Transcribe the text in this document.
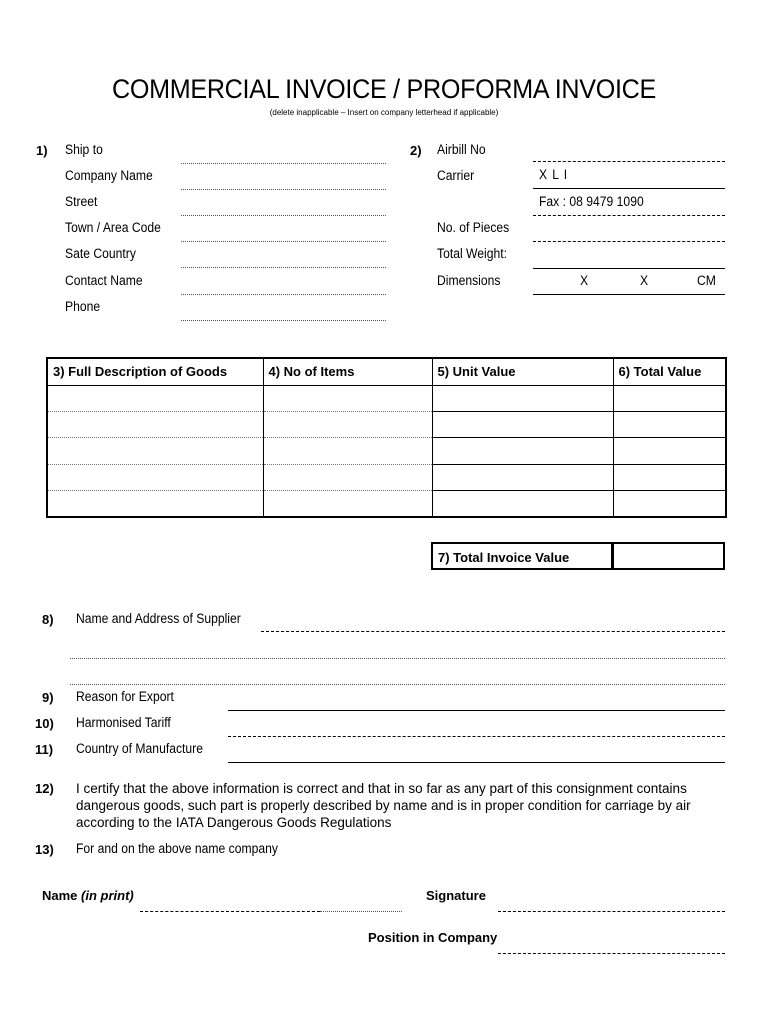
COMMERCIAL INVOICE / PROFORMA INVOICE
(delete inapplicable – Insert on company letterhead if applicable)
1) Ship to
Company Name
Street
Town / Area Code
Sate Country
Contact Name
Phone
2) Airbill No
Carrier	X L I
Fax : 08 9479 1090
No. of Pieces
Total Weight:
Dimensions	X	X	CM
3) Full Description of Goods	4) No of Items	5) Unit Value	6) Total Value

7) Total Invoice Value
8) Name and Address of Supplier
9) Reason for Export
10) Harmonised Tariff
11) Country of Manufacture
12) I certify that the above information is correct and that in so far as any part of this consignment contains dangerous goods, such part is properly described by name and is in proper condition for carriage by air according to the IATA Dangerous Goods Regulations
13) For and on the above name company
Name (in print)	Signature
Position in Company
